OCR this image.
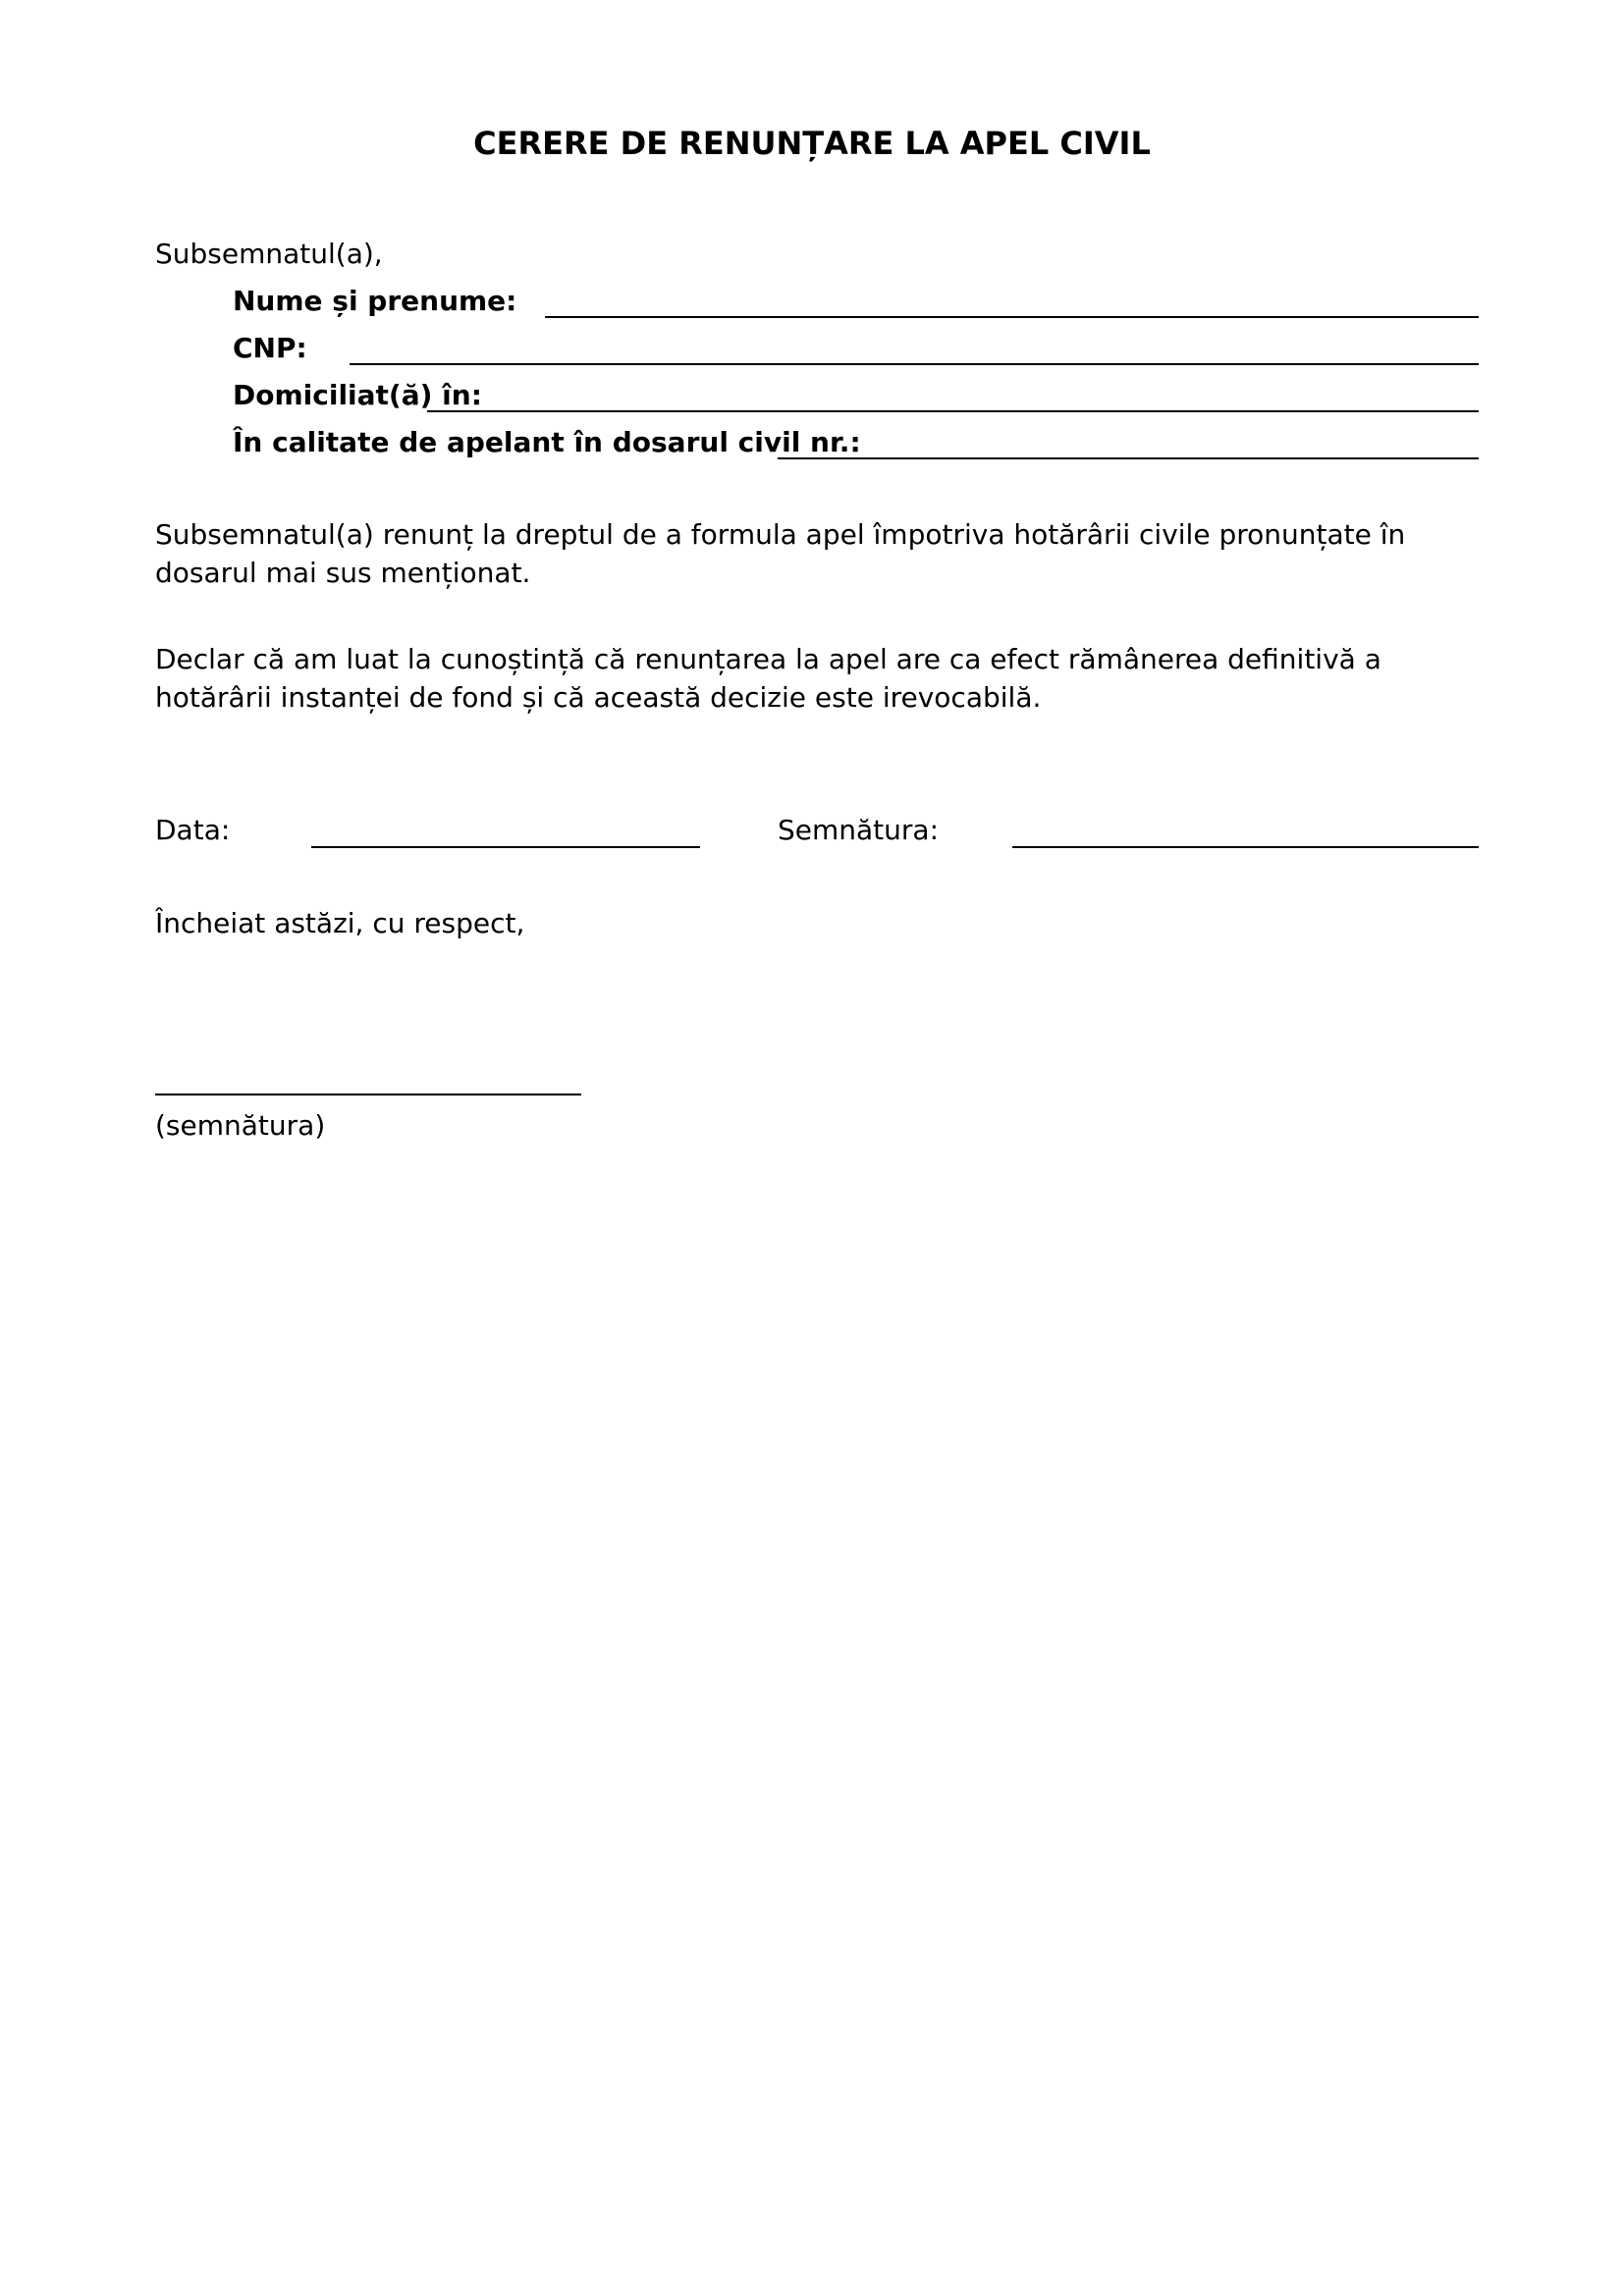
CERERE DE RENUNȚARE LA APEL CIVIL
Subsemnatul(a),
Nume și prenume:
CNP:
Domiciliat(ă) în:
În calitate de apelant în dosarul civil nr.:
Subsemnatul(a) renunț la dreptul de a formula apel împotriva hotărârii civile pronunțate în dosarul mai sus menționat.
Declar că am luat la cunoștință că renunțarea la apel are ca efect rămânerea definitivă a hotărârii instanței de fond și că această decizie este irevocabilă.
Data:	Semnătura:
Încheiat astăzi, cu respect,
(semnătura)
